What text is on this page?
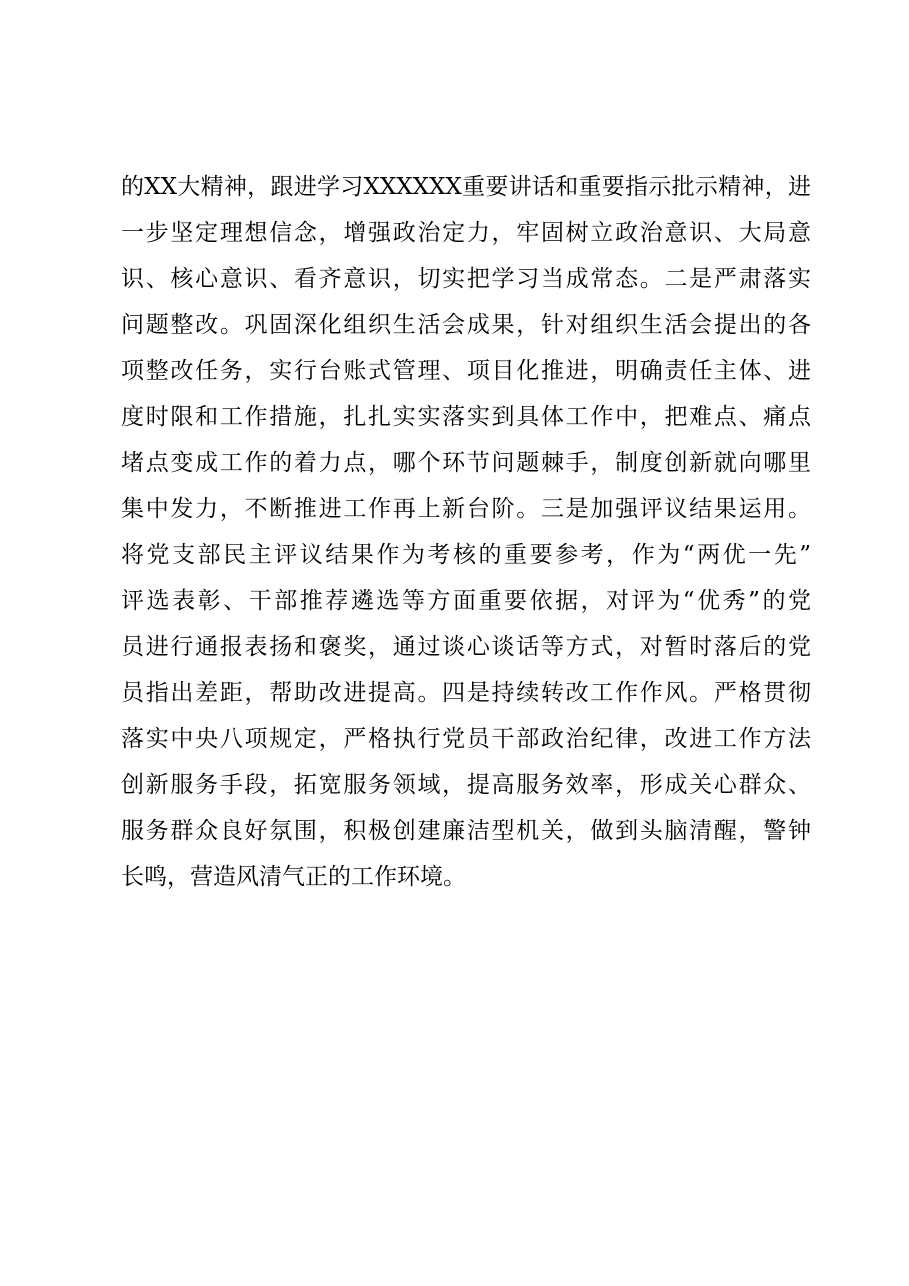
的XX大精神，跟进学习XXXXXX重要讲话和重要指示批示精神，进
一步坚定理想信念，增强政治定力，牢固树立政治意识、大局意
识、核心意识、看齐意识，切实把学习当成常态。二是严肃落实
问题整改。巩固深化组织生活会成果，针对组织生活会提出的各
项整改任务，实行台账式管理、项目化推进，明确责任主体、进
度时限和工作措施，扎扎实实落实到具体工作中，把难点、痛点
堵点变成工作的着力点，哪个环节问题棘手，制度创新就向哪里
集中发力，不断推进工作再上新台阶。三是加强评议结果运用。
将党支部民主评议结果作为考核的重要参考，作为“两优一先”
评选表彰、干部推荐遴选等方面重要依据，对评为“优秀”的党
员进行通报表扬和褒奖，通过谈心谈话等方式，对暂时落后的党
员指出差距，帮助改进提高。四是持续转改工作作风。严格贯彻
落实中央八项规定，严格执行党员干部政治纪律，改进工作方法
创新服务手段，拓宽服务领域，提高服务效率，形成关心群众、
服务群众良好氛围，积极创建廉洁型机关，做到头脑清醒，警钟
长鸣，营造风清气正的工作环境。
